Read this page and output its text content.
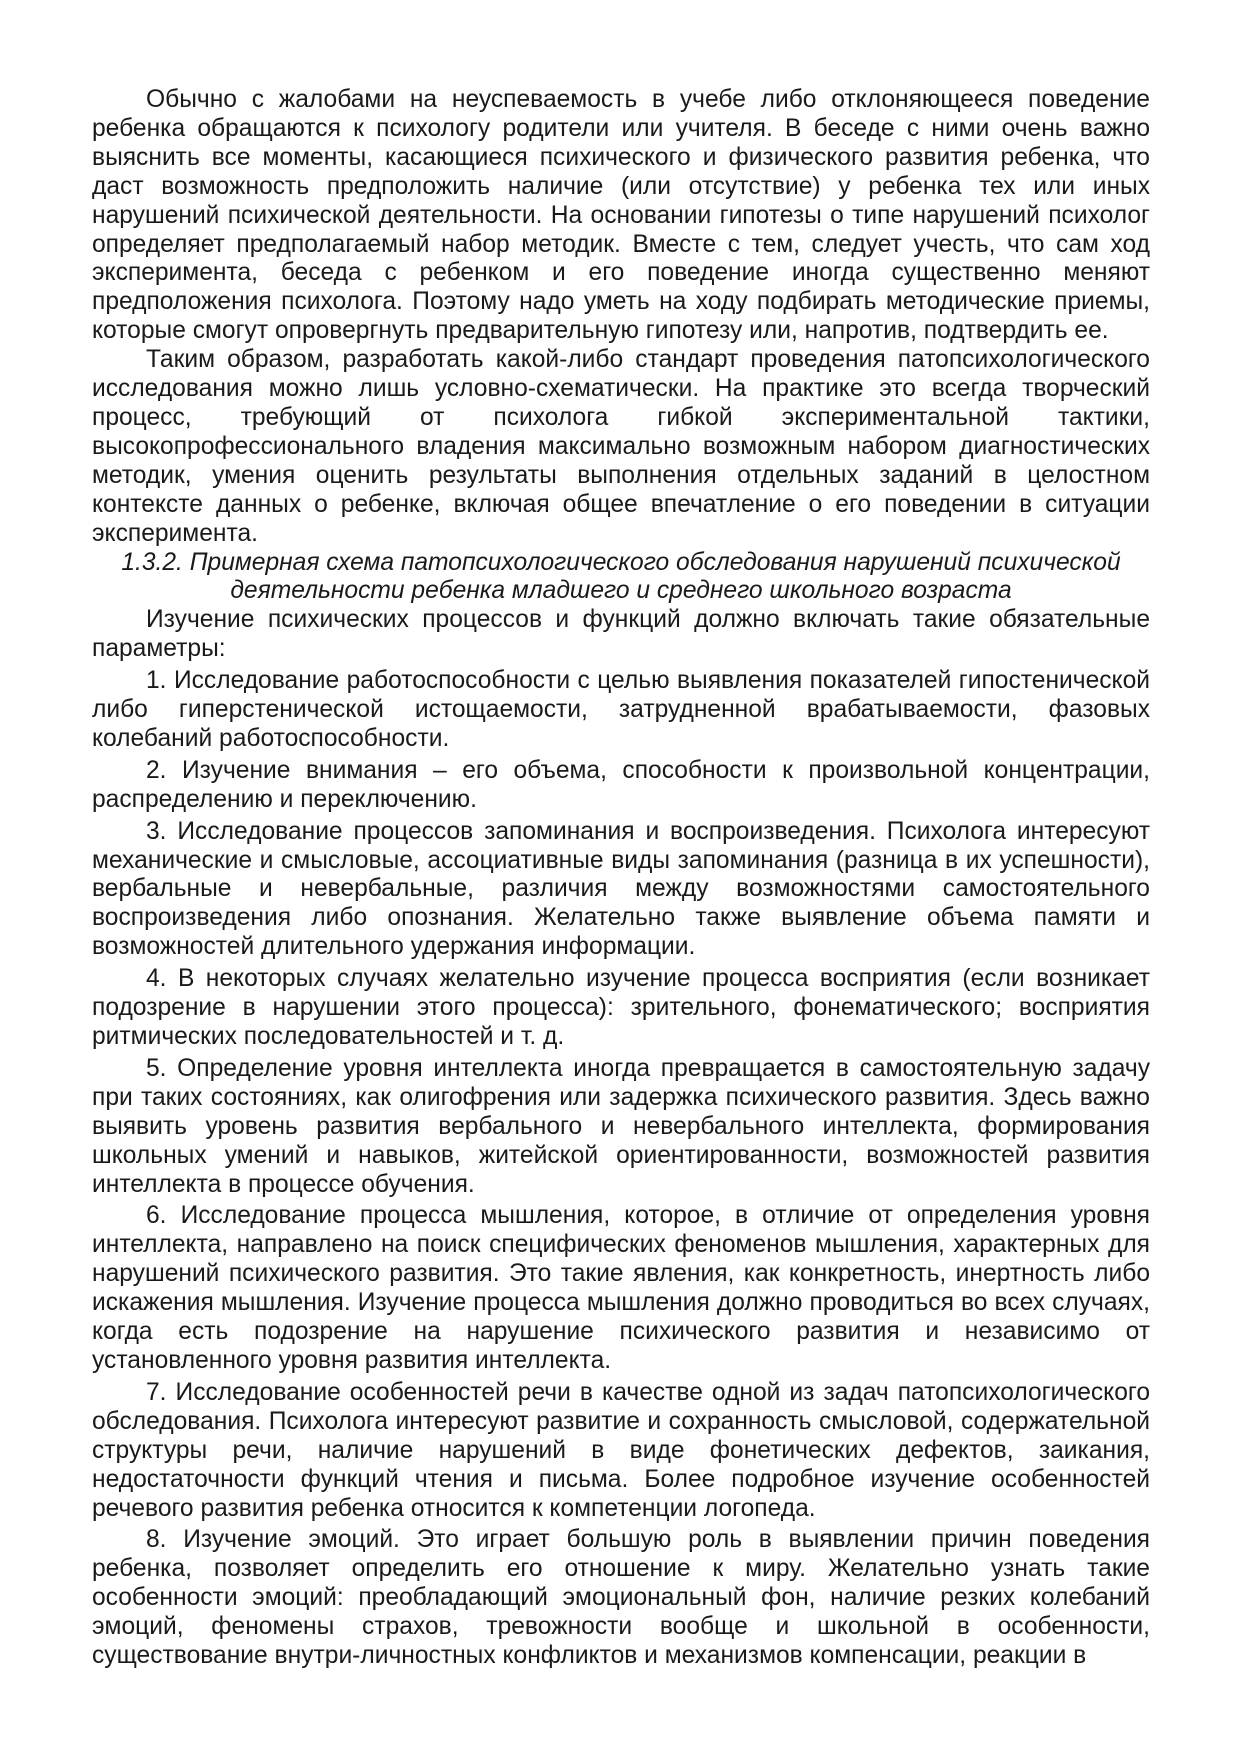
Обычно с жалобами на неуспеваемость в учебе либо отклоняющееся поведение ребенка обращаются к психологу родители или учителя. В беседе с ними очень важно выяснить все моменты, касающиеся психического и физического развития ребенка, что даст возможность предположить наличие (или отсутствие) у ребенка тех или иных нарушений психической деятельности. На основании гипотезы о типе нарушений психолог определяет предполагаемый набор методик. Вместе с тем, следует учесть, что сам ход эксперимента, беседа с ребенком и его поведение иногда существенно меняют предположения психолога. Поэтому надо уметь на ходу подбирать методические приемы, которые смогут опровергнуть предварительную гипотезу или, напротив, подтвердить ее.

Таким образом, разработать какой-либо стандарт проведения патопсихологического исследования можно лишь условно-схематически. На практике это всегда творческий процесс, требующий от психолога гибкой экспериментальной тактики, высокопрофессионального владения максимально возможным набором диагностических методик, умения оценить результаты выполнения отдельных заданий в целостном контексте данных о ребенке, включая общее впечатление о его поведении в ситуации эксперимента.

1.3.2. Примерная схема патопсихологического обследования нарушений психической
деятельности ребенка младшего и среднего школьного возраста

Изучение психических процессов и функций должно включать такие обязательные параметры:

1. Исследование работоспособности с целью выявления показателей гипостенической либо гиперстенической истощаемости, затрудненной врабатываемости, фазовых колебаний работоспособности.

2. Изучение внимания – его объема, способности к произвольной концентрации, распределению и переключению.

3. Исследование процессов запоминания и воспроизведения. Психолога интересуют механические и смысловые, ассоциативные виды запоминания (разница в их успешности), вербальные и невербальные, различия между возможностями самостоятельного воспроизведения либо опознания. Желательно также выявление объема памяти и возможностей длительного удержания информации.

4. В некоторых случаях желательно изучение процесса восприятия (если возникает подозрение в нарушении этого процесса): зрительного, фонематического; восприятия ритмических последовательностей и т. д.

5. Определение уровня интеллекта иногда превращается в самостоятельную задачу при таких состояниях, как олигофрения или задержка психического развития. Здесь важно выявить уровень развития вербального и невербального интеллекта, формирования школьных умений и навыков, житейской ориентированности, возможностей развития интеллекта в процессе обучения.

6. Исследование процесса мышления, которое, в отличие от определения уровня интеллекта, направлено на поиск специфических феноменов мышления, характерных для нарушений психического развития. Это такие явления, как конкретность, инертность либо искажения мышления. Изучение процесса мышления должно проводиться во всех случаях, когда есть подозрение на нарушение психического развития и независимо от установленного уровня развития интеллекта.

7. Исследование особенностей речи в качестве одной из задач патопсихологического обследования. Психолога интересуют развитие и сохранность смысловой, содержательной структуры речи, наличие нарушений в виде фонетических дефектов, заикания, недостаточности функций чтения и письма. Более подробное изучение особенностей речевого развития ребенка относится к компетенции логопеда.

8. Изучение эмоций. Это играет большую роль в выявлении причин поведения ребенка, позволяет определить его отношение к миру. Желательно узнать такие особенности эмоций: преобладающий эмоциональный фон, наличие резких колебаний эмоций, феномены страхов, тревожности вообще и школьной в особенности, существование внутри-личностных конфликтов и механизмов компенсации, реакции в
